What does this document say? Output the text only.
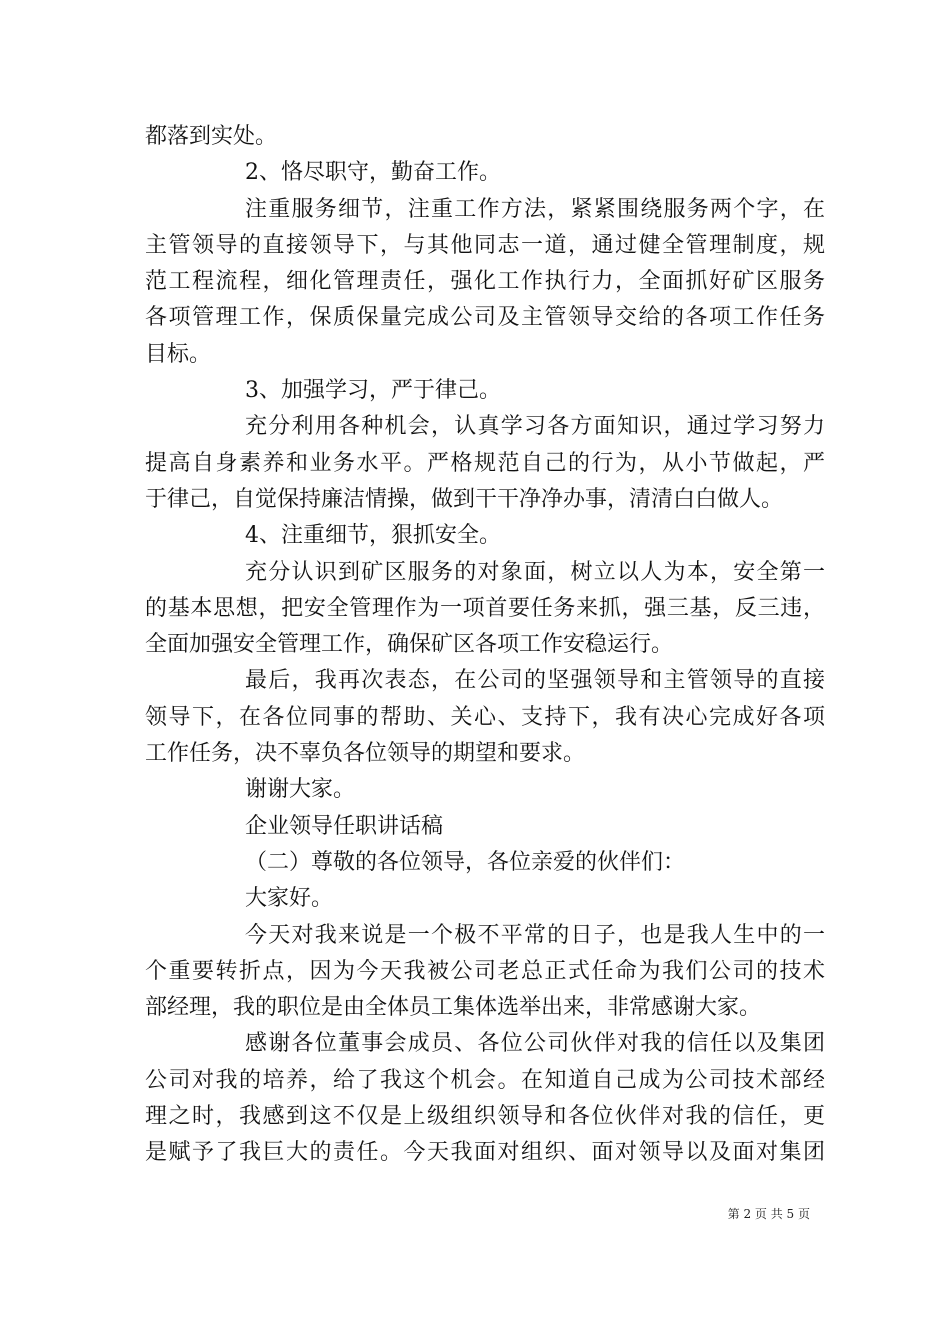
都落到实处。
2、恪尽职守，勤奋工作。
注重服务细节，注重工作方法，紧紧围绕服务两个字，在
主管领导的直接领导下，与其他同志一道，通过健全管理制度，规
范工程流程，细化管理责任，强化工作执行力，全面抓好矿区服务
各项管理工作，保质保量完成公司及主管领导交给的各项工作任务
目标。
3、加强学习，严于律己。
充分利用各种机会，认真学习各方面知识，通过学习努力
提高自身素养和业务水平。严格规范自己的行为，从小节做起，严
于律己，自觉保持廉洁情操，做到干干净净办事，清清白白做人。
4、注重细节，狠抓安全。
充分认识到矿区服务的对象面，树立以人为本，安全第一
的基本思想，把安全管理作为一项首要任务来抓，强三基，反三违，
全面加强安全管理工作，确保矿区各项工作安稳运行。
最后，我再次表态，在公司的坚强领导和主管领导的直接
领导下，在各位同事的帮助、关心、支持下，我有决心完成好各项
工作任务，决不辜负各位领导的期望和要求。
谢谢大家。
企业领导任职讲话稿
（二）尊敬的各位领导，各位亲爱的伙伴们：
大家好。
今天对我来说是一个极不平常的日子，也是我人生中的一
个重要转折点，因为今天我被公司老总正式任命为我们公司的技术
部经理，我的职位是由全体员工集体选举出来，非常感谢大家。
感谢各位董事会成员、各位公司伙伴对我的信任以及集团
公司对我的培养，给了我这个机会。在知道自己成为公司技术部经
理之时，我感到这不仅是上级组织领导和各位伙伴对我的信任，更
是赋予了我巨大的责任。今天我面对组织、面对领导以及面对集团
第 2 页 共 5 页
